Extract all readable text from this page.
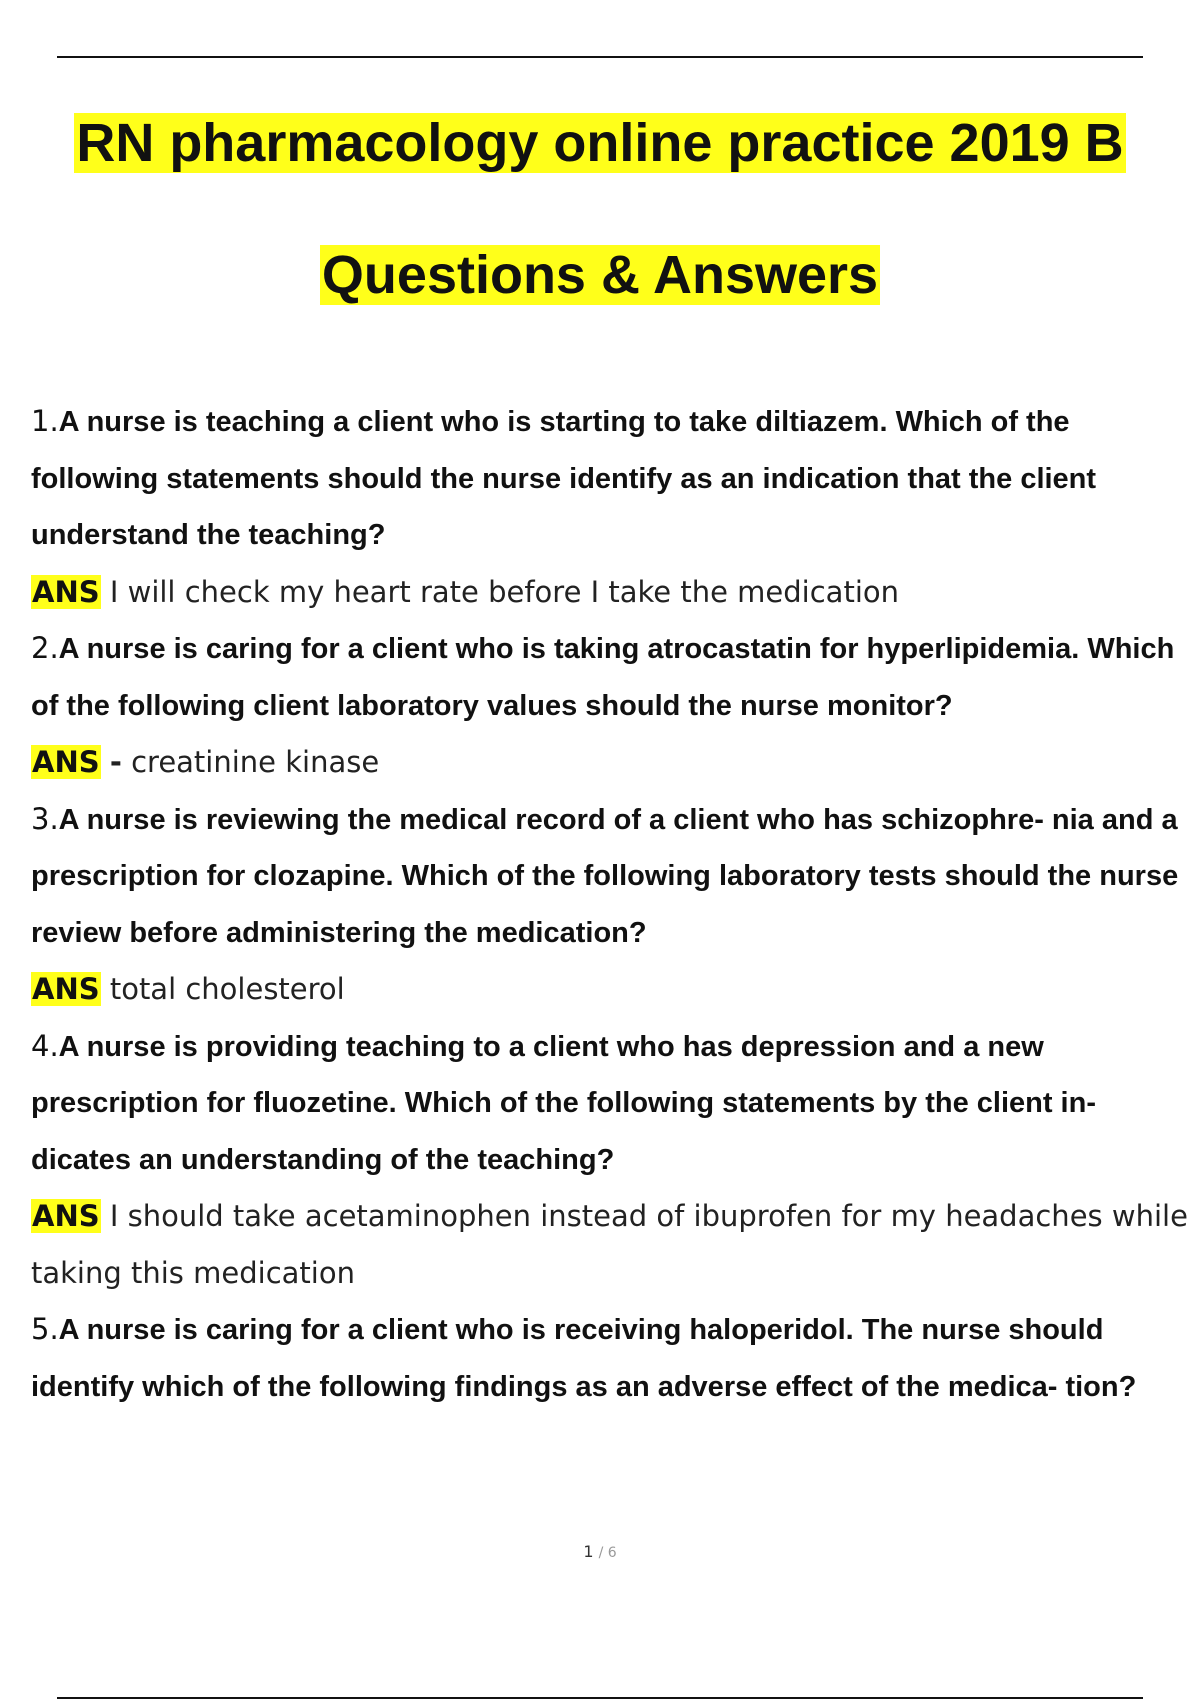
RN pharmacology online practice 2019 B
Questions & Answers

1.A nurse is teaching a client who is starting to take diltiazem. Which of the following statements should the nurse identify as an indication that the client understand the teaching?

ANS I will check my heart rate before I take the medication

2.A nurse is caring for a client who is taking atrocastatin for hyperlipidemia. Which of the following client laboratory values should the nurse monitor?

ANS - creatinine kinase

3.A nurse is reviewing the medical record of a client who has schizophre- nia and a prescription for clozapine. Which of the following laboratory tests should the nurse review before administering the medication?

ANS total cholesterol

4.A nurse is providing teaching to a client who has depression and a new prescription for fluozetine. Which of the following statements by the client in- dicates an understanding of the teaching?

ANS I should take acetaminophen instead of ibuprofen for my headaches while taking this medication

5.A nurse is caring for a client who is receiving haloperidol. The nurse should identify which of the following findings as an adverse effect of the medica- tion?

1 / 6
